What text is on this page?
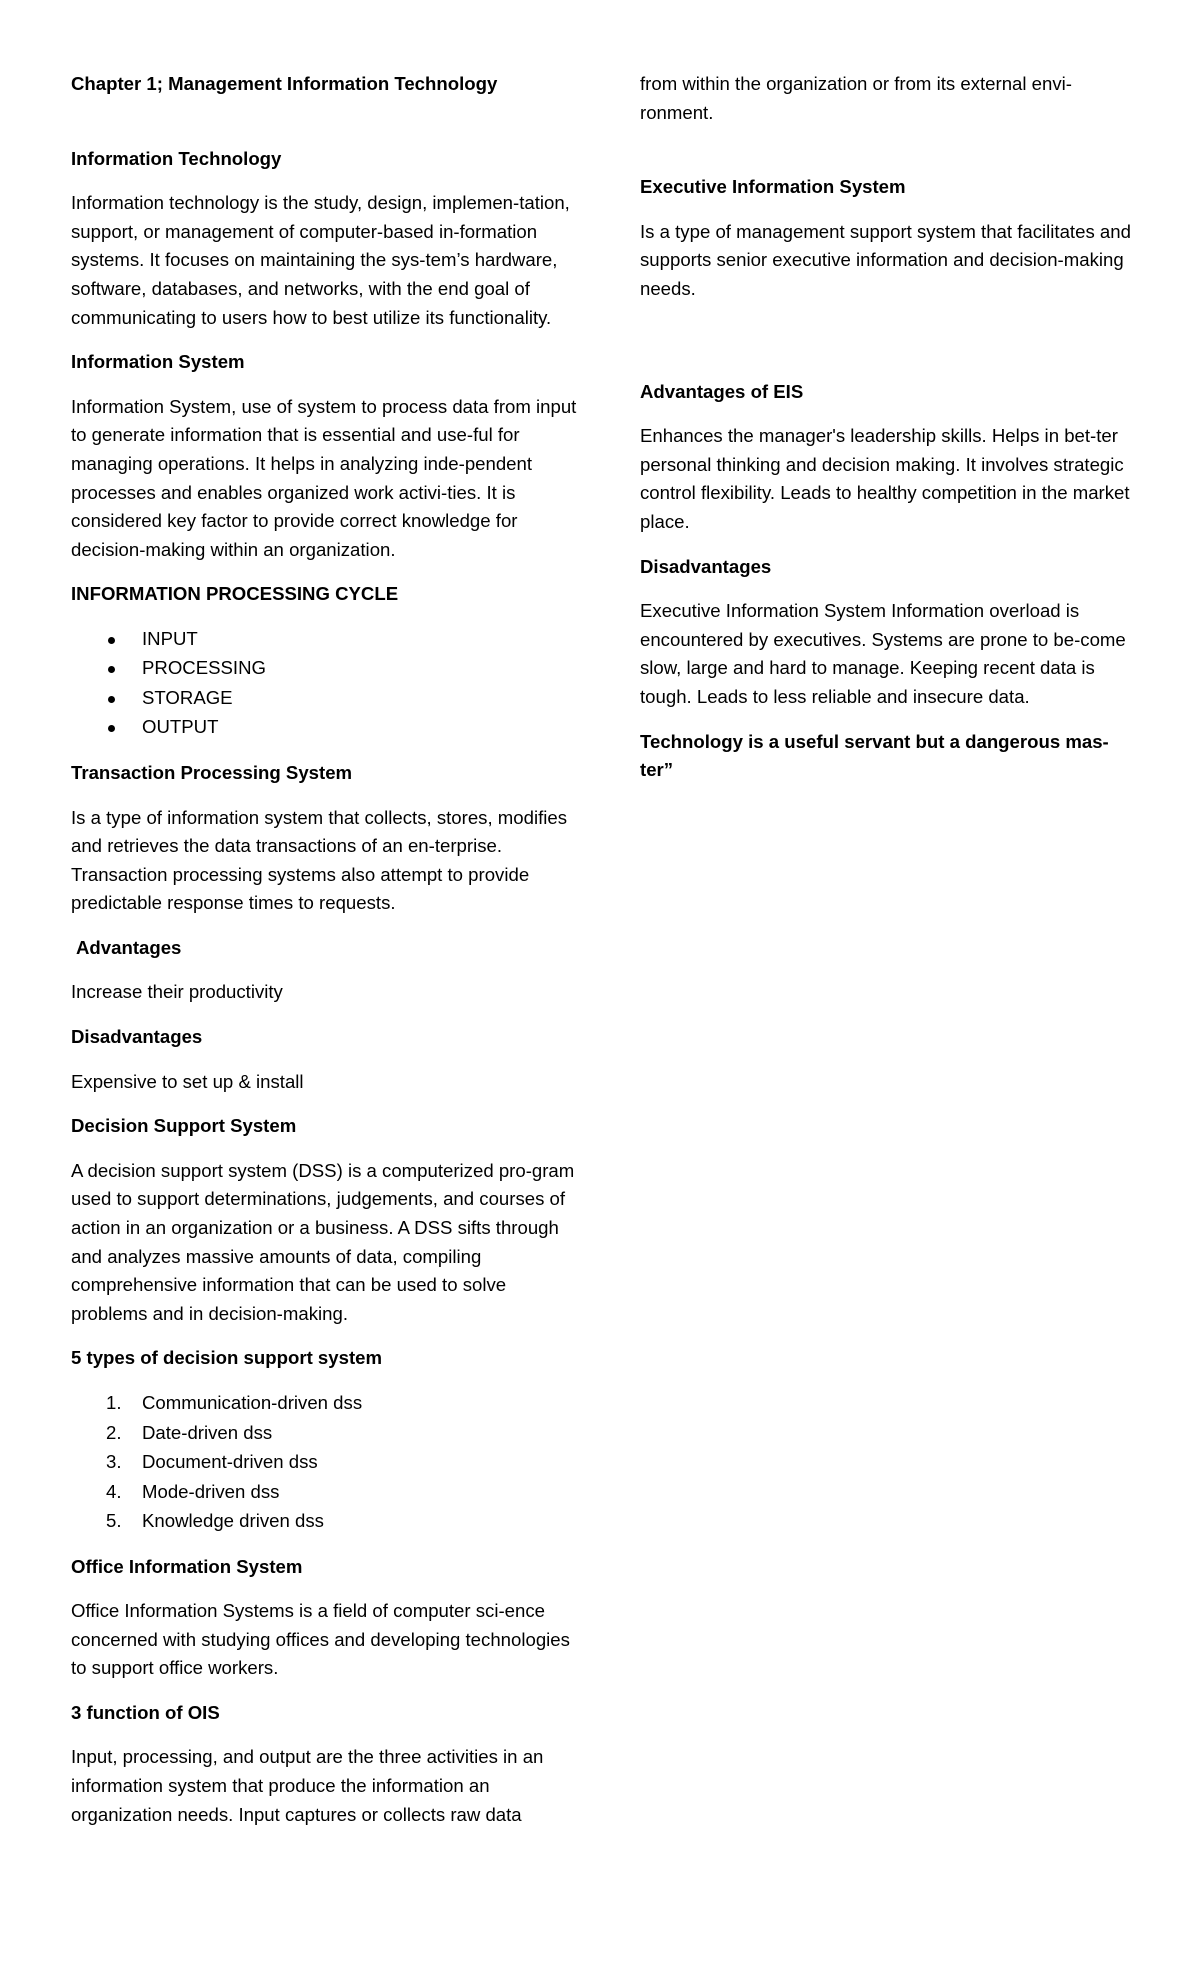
Chapter 1; Management Information Technology
Information Technology

Information technology is the study, design, implemen-tation, support, or management of computer-based in-formation systems. It focuses on maintaining the sys-tem’s hardware, software, databases, and networks, with the end goal of communicating to users how to best utilize its functionality.

Information System

Information System, use of system to process data from input to generate information that is essential and use-ful for managing operations. It helps in analyzing inde-pendent processes and enables organized work activi-ties. It is considered key factor to provide correct knowledge for decision-making within an organization.

INFORMATION PROCESSING CYCLE
INPUT
PROCESSING
STORAGE
OUTPUT
Transaction Processing System

Is a type of information system that collects, stores, modifies and retrieves the data transactions of an en-terprise. Transaction processing systems also attempt to provide predictable response times to requests.

Advantages

Increase their productivity

Disadvantages

Expensive to set up & install

Decision Support System

A decision support system (DSS) is a computerized pro-gram used to support determinations, judgements, and courses of action in an organization or a business. A DSS sifts through and analyzes massive amounts of data, compiling comprehensive information that can be used to solve problems and in decision-making.

5 types of decision support system
1. Communication-driven dss
2. Date-driven dss
3. Document-driven dss
4. Mode-driven dss
5. Knowledge driven dss
Office Information System

Office Information Systems is a field of computer sci-ence concerned with studying offices and developing technologies to support office workers.

3 function of OIS

Input, processing, and output are the three activities in an information system that produce the information an organization needs. Input captures or collects raw data

from within the organization or from its external envi-ronment.

Executive Information System

Is a type of management support system that facilitates and supports senior executive information and decision-making needs.

Advantages of EIS

Enhances the manager's leadership skills. Helps in bet-ter personal thinking and decision making. It involves strategic control flexibility. Leads to healthy competition in the market place.

Disadvantages

Executive Information System Information overload is encountered by executives. Systems are prone to be-come slow, large and hard to manage. Keeping recent data is tough. Leads to less reliable and insecure data.

Technology is a useful servant but a dangerous mas-ter”
